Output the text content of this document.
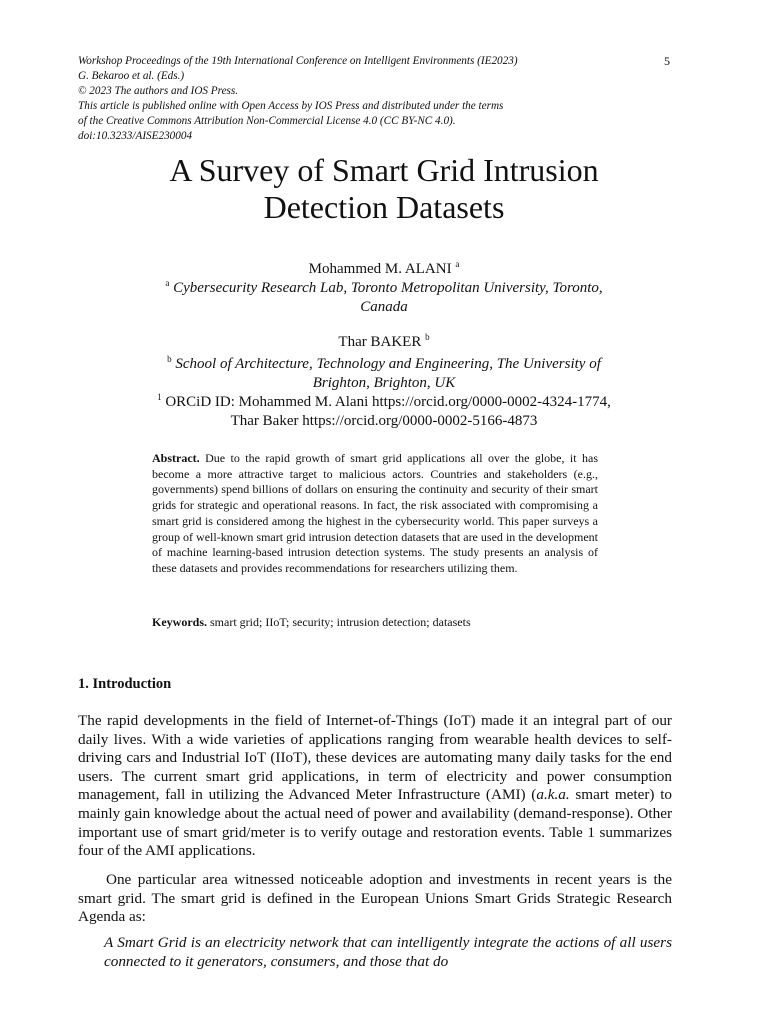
Workshop Proceedings of the 19th International Conference on Intelligent Environments (IE2023)
G. Bekaroo et al. (Eds.)
© 2023 The authors and IOS Press.
This article is published online with Open Access by IOS Press and distributed under the terms
of the Creative Commons Attribution Non-Commercial License 4.0 (CC BY-NC 4.0).
doi:10.3233/AISE230004
5
A Survey of Smart Grid Intrusion
Detection Datasets
Mohammed M. ALANI $^a$
$^a$ Cybersecurity Research Lab, Toronto Metropolitan University, Toronto,
Canada
Thar BAKER $^b$
$^b$ School of Architecture, Technology and Engineering, The University of
Brighton, Brighton, UK
$^1$ ORCiD ID: Mohammed M. Alani https://orcid.org/0000-0002-4324-1774,
Thar Baker https://orcid.org/0000-0002-5166-4873
Abstract. Due to the rapid growth of smart grid applications all over the globe, it has become a more attractive target to malicious actors. Countries and stakeholders (e.g., governments) spend billions of dollars on ensuring the continuity and security of their smart grids for strategic and operational reasons. In fact, the risk associated with compromising a smart grid is considered among the highest in the cybersecurity world. This paper surveys a group of well-known smart grid intrusion detection datasets that are used in the development of machine learning-based intrusion detection systems. The study presents an analysis of these datasets and provides recommendations for researchers utilizing them.
Keywords. smart grid; IIoT; security; intrusion detection; datasets
1. Introduction
The rapid developments in the field of Internet-of-Things (IoT) made it an integral part of our daily lives. With a wide varieties of applications ranging from wearable health devices to self-driving cars and Industrial IoT (IIoT), these devices are automating many daily tasks for the end users. The current smart grid applications, in term of electricity and power consumption management, fall in utilizing the Advanced Meter Infrastructure (AMI) (a.k.a. smart meter) to mainly gain knowledge about the actual need of power and availability (demand-response). Other important use of smart grid/meter is to verify outage and restoration events. Table 1 summarizes four of the AMI applications.
One particular area witnessed noticeable adoption and investments in recent years is the smart grid. The smart grid is defined in the European Unions Smart Grids Strategic Research Agenda as:
A Smart Grid is an electricity network that can intelligently integrate the actions of all users connected to it generators, consumers, and those that do
